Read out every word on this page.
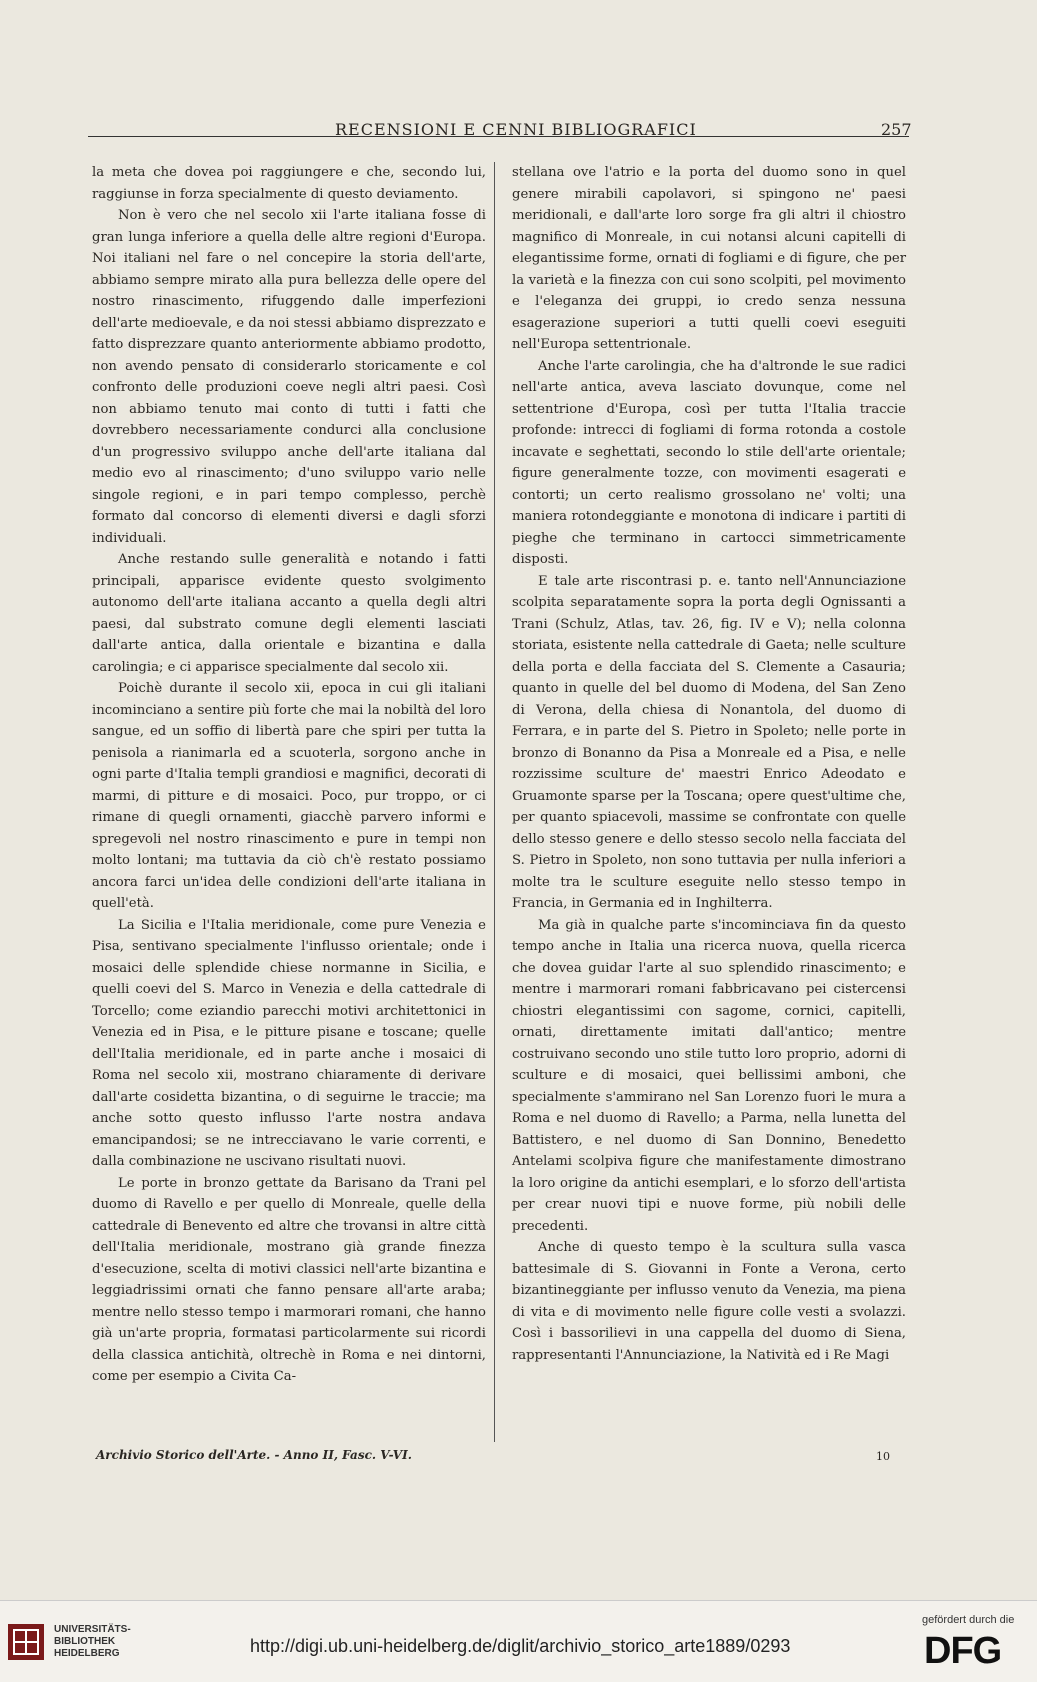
RECENSIONI E CENNI BIBLIOGRAFICI	257

la meta che dovea poi raggiungere e che, secondo lui, raggiunse in forza specialmente di questo deviamento.

Non è vero che nel secolo xii l'arte italiana fosse di gran lunga inferiore a quella delle altre regioni d'Europa. Noi italiani nel fare o nel concepire la storia dell'arte, abbiamo sempre mirato alla pura bellezza delle opere del nostro rinascimento, rifuggendo dalle imperfezioni dell'arte medioevale, e da noi stessi abbiamo disprezzato e fatto disprezzare quanto anteriormente abbiamo prodotto, non avendo pensato di considerarlo storicamente e col confronto delle produzioni coeve negli altri paesi. Così non abbiamo tenuto mai conto di tutti i fatti che dovrebbero necessariamente condurci alla conclusione d'un progressivo sviluppo anche dell'arte italiana dal medio evo al rinascimento; d'uno sviluppo vario nelle singole regioni, e in pari tempo complesso, perchè formato dal concorso di elementi diversi e dagli sforzi individuali.

Anche restando sulle generalità e notando i fatti principali, apparisce evidente questo svolgimento autonomo dell'arte italiana accanto a quella degli altri paesi, dal substrato comune degli elementi lasciati dall'arte antica, dalla orientale e bizantina e dalla carolingia; e ci apparisce specialmente dal secolo xii.

Poichè durante il secolo xii, epoca in cui gli italiani incominciano a sentire più forte che mai la nobiltà del loro sangue, ed un soffio di libertà pare che spiri per tutta la penisola a rianimarla ed a scuoterla, sorgono anche in ogni parte d'Italia templi grandiosi e magnifici, decorati di marmi, di pitture e di mosaici. Poco, pur troppo, or ci rimane di quegli ornamenti, giacchè parvero informi e spregevoli nel nostro rinascimento e pure in tempi non molto lontani; ma tuttavia da ciò ch'è restato possiamo ancora farci un'idea delle condizioni dell'arte italiana in quell'età.

La Sicilia e l'Italia meridionale, come pure Venezia e Pisa, sentivano specialmente l'influsso orientale; onde i mosaici delle splendide chiese normanne in Sicilia, e quelli coevi del S. Marco in Venezia e della cattedrale di Torcello; come eziandio parecchi motivi architettonici in Venezia ed in Pisa, e le pitture pisane e toscane; quelle dell'Italia meridionale, ed in parte anche i mosaici di Roma nel secolo xii, mostrano chiaramente di derivare dall'arte cosidetta bizantina, o di seguirne le traccie; ma anche sotto questo influsso l'arte nostra andava emancipandosi; se ne intrecciavano le varie correnti, e dalla combinazione ne uscivano risultati nuovi.

Le porte in bronzo gettate da Barisano da Trani pel duomo di Ravello e per quello di Monreale, quelle della cattedrale di Benevento ed altre che trovansi in altre città dell'Italia meridionale, mostrano già grande finezza d'esecuzione, scelta di motivi classici nell'arte bizantina e leggiadrissimi ornati che fanno pensare all'arte araba; mentre nello stesso tempo i marmorari romani, che hanno già un'arte propria, formatasi particolarmente sui ricordi della classica antichità, oltrechè in Roma e nei dintorni, come per esempio a Civita Ca-

stellana ove l'atrio e la porta del duomo sono in quel genere mirabili capolavori, si spingono ne' paesi meridionali, e dall'arte loro sorge fra gli altri il chiostro magnifico di Monreale, in cui notansi alcuni capitelli di elegantissime forme, ornati di fogliami e di figure, che per la varietà e la finezza con cui sono scolpiti, pel movimento e l'eleganza dei gruppi, io credo senza nessuna esagerazione superiori a tutti quelli coevi eseguiti nell'Europa settentrionale.

Anche l'arte carolingia, che ha d'altronde le sue radici nell'arte antica, aveva lasciato dovunque, come nel settentrione d'Europa, così per tutta l'Italia traccie profonde: intrecci di fogliami di forma rotonda a costole incavate e seghettati, secondo lo stile dell'arte orientale; figure generalmente tozze, con movimenti esagerati e contorti; un certo realismo grossolano ne' volti; una maniera rotondeggiante e monotona di indicare i partiti di pieghe che terminano in cartocci simmetricamente disposti.

E tale arte riscontrasi p. e. tanto nell'Annunciazione scolpita separatamente sopra la porta degli Ognissanti a Trani (Schulz, Atlas, tav. 26, fig. IV e V); nella colonna storiata, esistente nella cattedrale di Gaeta; nelle sculture della porta e della facciata del S. Clemente a Casauria; quanto in quelle del bel duomo di Modena, del San Zeno di Verona, della chiesa di Nonantola, del duomo di Ferrara, e in parte del S. Pietro in Spoleto; nelle porte in bronzo di Bonanno da Pisa a Monreale ed a Pisa, e nelle rozzissime sculture de' maestri Enrico Adeodato e Gruamonte sparse per la Toscana; opere quest'ultime che, per quanto spiacevoli, massime se confrontate con quelle dello stesso genere e dello stesso secolo nella facciata del S. Pietro in Spoleto, non sono tuttavia per nulla inferiori a molte tra le sculture eseguite nello stesso tempo in Francia, in Germania ed in Inghilterra.

Ma già in qualche parte s'incominciava fin da questo tempo anche in Italia una ricerca nuova, quella ricerca che dovea guidar l'arte al suo splendido rinascimento; e mentre i marmorari romani fabbricavano pei cistercensi chiostri elegantissimi con sagome, cornici, capitelli, ornati, direttamente imitati dall'antico; mentre costruivano secondo uno stile tutto loro proprio, adorni di sculture e di mosaici, quei bellissimi amboni, che specialmente s'ammirano nel San Lorenzo fuori le mura a Roma e nel duomo di Ravello; a Parma, nella lunetta del Battistero, e nel duomo di San Donnino, Benedetto Antelami scolpiva figure che manifestamente dimostrano la loro origine da antichi esemplari, e lo sforzo dell'artista per crear nuovi tipi e nuove forme, più nobili delle precedenti.

Anche di questo tempo è la scultura sulla vasca battesimale di S. Giovanni in Fonte a Verona, certo bizantineggiante per influsso venuto da Venezia, ma piena di vita e di movimento nelle figure colle vesti a svolazzi. Così i bassorilievi in una cappella del duomo di Siena, rappresentanti l'Annunciazione, la Natività ed i Re Magi

Archivio Storico dell'Arte. - Anno II, Fasc. V-VI.	10
UNIVERSITÄTS-
BIBLIOTHEK
HEIDELBERG	http://digi.ub.uni-heidelberg.de/diglit/archivio_storico_arte1889/0293
gefördert durch die
DFG
